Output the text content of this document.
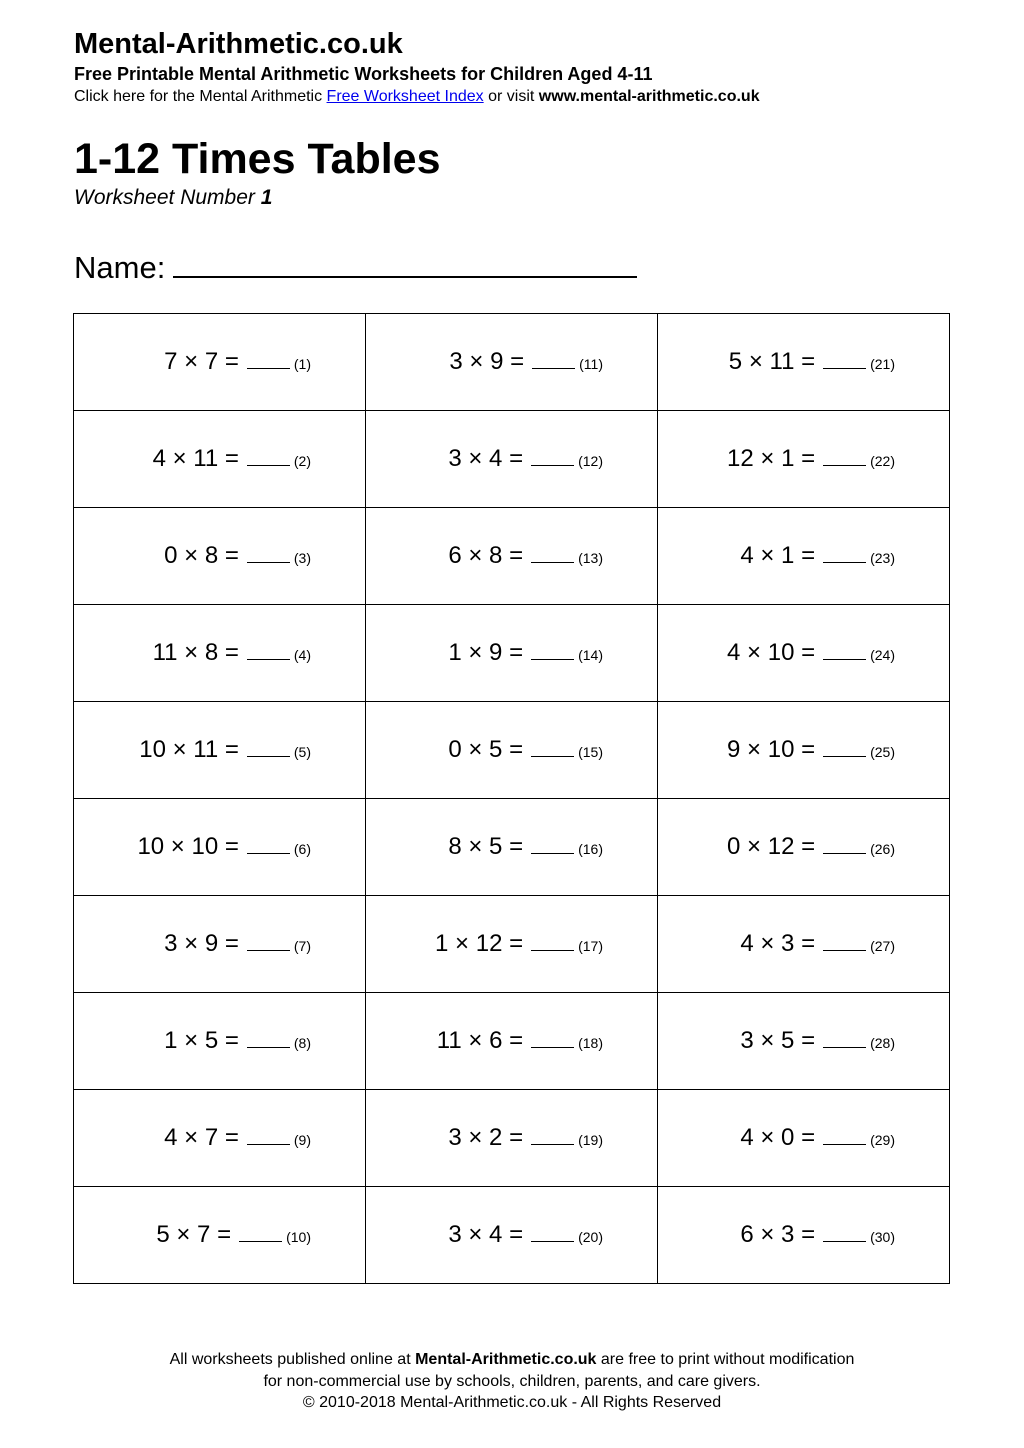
Mental-Arithmetic.co.uk
Free Printable Mental Arithmetic Worksheets for Children Aged 4-11
Click here for the Mental Arithmetic Free Worksheet Index or visit www.mental-arithmetic.co.uk
1-12 Times Tables
Worksheet Number 1
Name:
7 × 7 = (1)	3 × 9 = (11)	5 × 11 = (21)

4 × 11 = (2)	3 × 4 = (12)	12 × 1 = (22)

0 × 8 = (3)	6 × 8 = (13)	4 × 1 = (23)

11 × 8 = (4)	1 × 9 = (14)	4 × 10 = (24)

10 × 11 = (5)	0 × 5 = (15)	9 × 10 = (25)

10 × 10 = (6)	8 × 5 = (16)	0 × 12 = (26)

3 × 9 = (7)	1 × 12 = (17)	4 × 3 = (27)

1 × 5 = (8)	11 × 6 = (18)	3 × 5 = (28)

4 × 7 = (9)	3 × 2 = (19)	4 × 0 = (29)

5 × 7 = (10)	3 × 4 = (20)	6 × 3 = (30)
All worksheets published online at Mental-Arithmetic.co.uk are free to print without modification
for non-commercial use by schools, children, parents, and care givers.
© 2010-2018 Mental-Arithmetic.co.uk - All Rights Reserved
